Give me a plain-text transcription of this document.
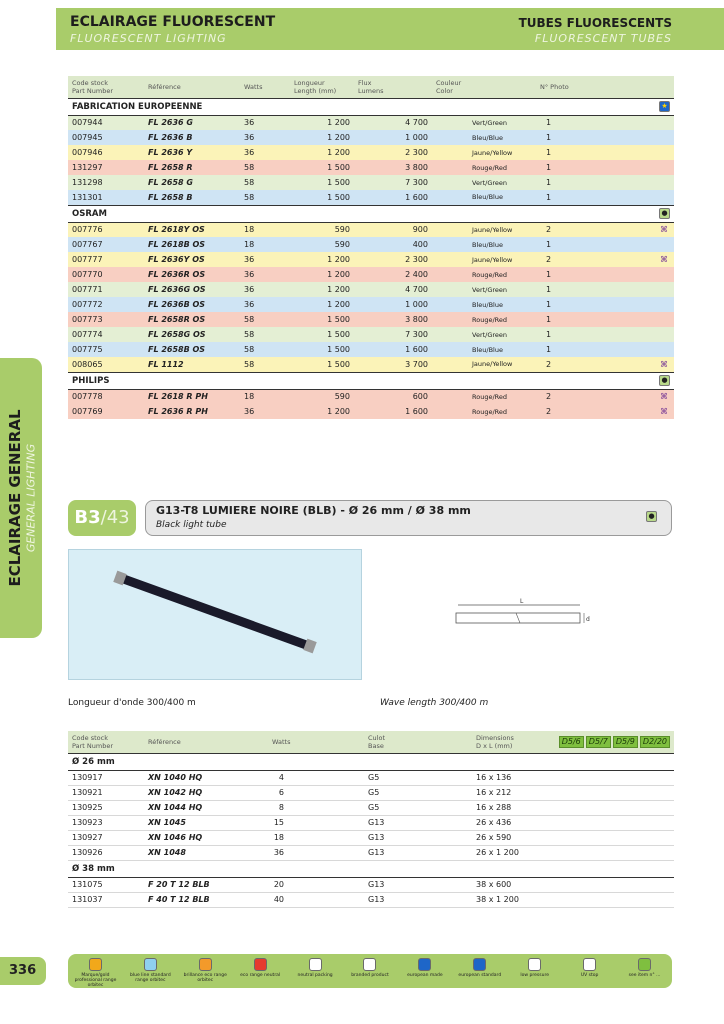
ECLAIRAGE FLUORESCENT
FLUORESCENT LIGHTING
TUBES FLUORESCENTS
FLUORESCENT TUBES
ECLAIRAGE GENERAL GENERAL LIGHTING
Code stock
Part Number	Référence	Watts	Longueur
Length (mm)	Flux
Lumens	Couleur
Color	N° Photo
FABRICATION EUROPEENNE						★
007944	FL 2636 G	36	1 200	4 700	Vert/Green	1
007945	FL 2636 B	36	1 200	1 000	Bleu/Blue	1
007946	FL 2636 Y	36	1 200	2 300	Jaune/Yellow	1
131297	FL 2658 R	58	1 500	3 800	Rouge/Red	1
131298	FL 2658 G	58	1 500	7 300	Vert/Green	1
131301	FL 2658 B	58	1 500	1 600	Bleu/Blue	1
OSRAM						●
007776	FL 2618Y OS	18	590	900	Jaune/Yellow	2 ⌘

007767	FL 2618B OS	18	590	400	Bleu/Blue	1
007777	FL 2636Y OS	36	1 200	2 300	Jaune/Yellow	2 ⌘

007770	FL 2636R OS	36	1 200	2 400	Rouge/Red	1
007771	FL 2636G OS	36	1 200	4 700	Vert/Green	1
007772	FL 2636B OS	36	1 200	1 000	Bleu/Blue	1
007773	FL 2658R OS	58	1 500	3 800	Rouge/Red	1
007774	FL 2658G OS	58	1 500	7 300	Vert/Green	1
007775	FL 2658B OS	58	1 500	1 600	Bleu/Blue	1
008065	FL 1112	58	1 500	3 700	Jaune/Yellow	2 ⌘

PHILIPS						●
007778	FL 2618 R PH	18	590	600	Rouge/Red	2 ⌘

007769	FL 2636 R PH	36	1 200	1 600	Rouge/Red	2 ⌘
B3/43	G13-T8 LUMIERE NOIRE (BLB) - Ø 26 mm / Ø 38 mm
Black light tube
●
L
d
Longueur d'onde 300/400 m	Wave length 300/400 m
Code stock
Part Number	Référence	Watts	Culot
Base	Dimensions
D x L (mm)	D5/6 D5/7 D5/9 D2/20
Ø 26 mm					
130917	XN 1040 HQ	4	G5	16 x 136	
130921	XN 1042 HQ	6	G5	16 x 212	
130925	XN 1044 HQ	8	G5	16 x 288	
130923	XN 1045	15	G13	26 x 436	
130927	XN 1046 HQ	18	G13	26 x 590	
130926	XN 1048	36	G13	26 x 1 200	
Ø 38 mm					
131075	F 20 T 12 BLB	20	G13	38 x 600	
131037	F 40 T 12 BLB	40	G13	38 x 1 200	
336	Marque/gold professional range orbitec
blue line standard range orbitec
brillance eco range orbitec
eco range neutral	neutral packing	branded product	european made	european standard	low pressure	UV stop	see item n° ...
